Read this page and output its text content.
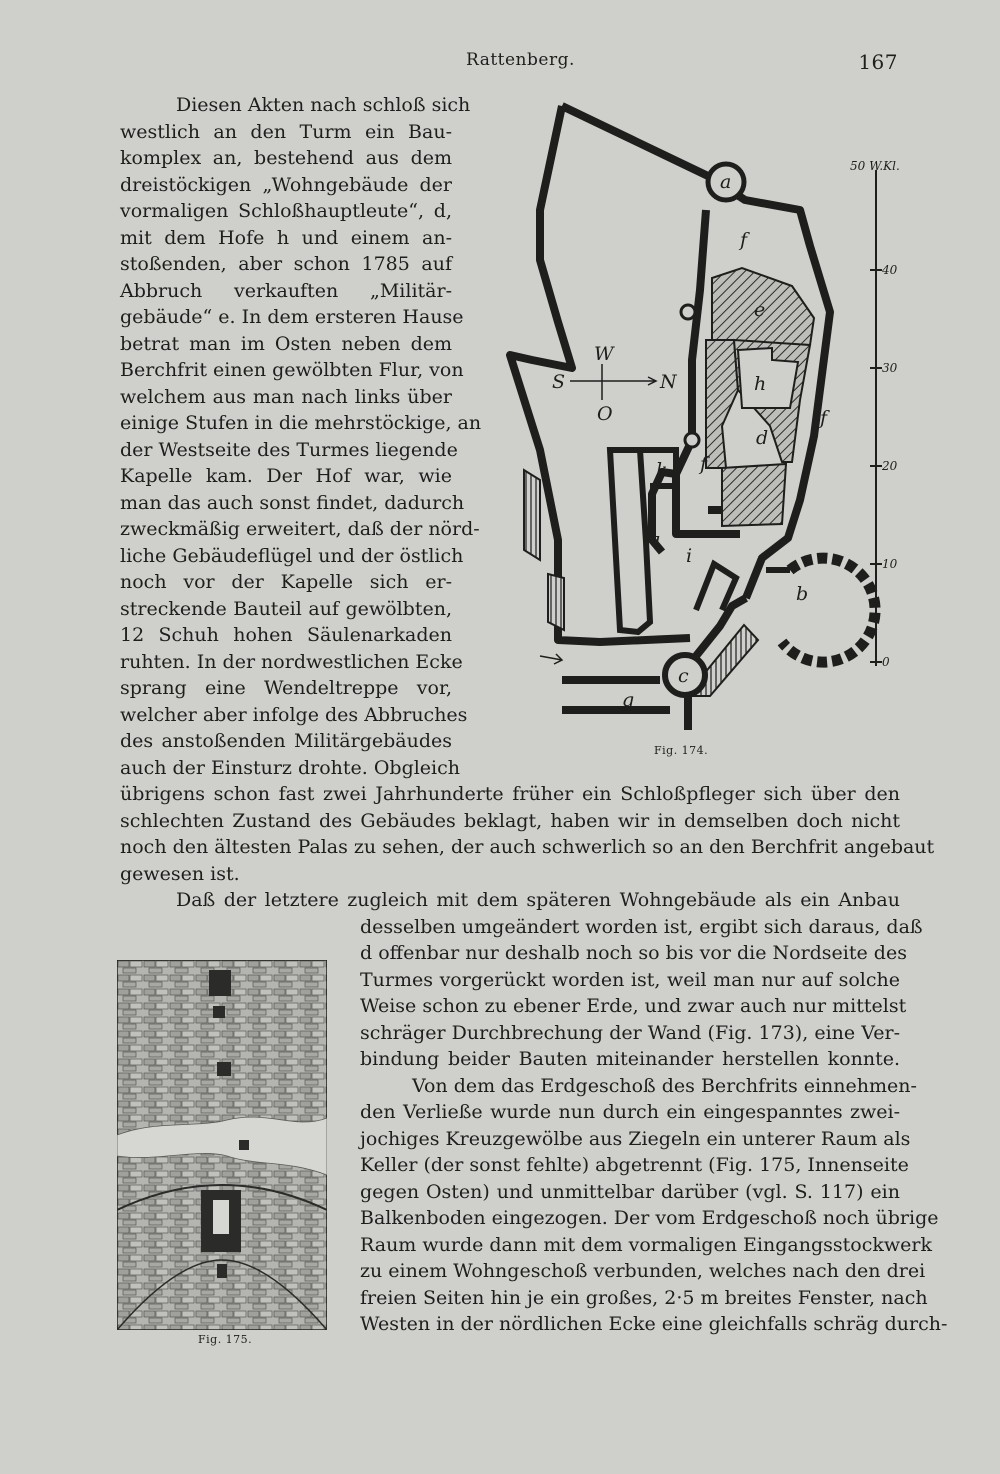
Rattenberg.	167
W
S	N
O
a
b
c
d
e
f
f
f
g
h
i
k
l
50 W.Kl.
40
30
20
10
0
Fig. 174.
Fig. 175.
Diesen Akten nach schloß sich
westlich an den Turm ein Bau-
komplex an, bestehend aus dem
dreistöckigen „Wohngebäude der
vormaligen Schloßhauptleute“, d,
mit dem Hofe h und einem an-
stoßenden, aber schon 1785 auf
Abbruch verkauften „Militär-
gebäude“ e. In dem ersteren Hause
betrat man im Osten neben dem
Berchfrit einen gewölbten Flur, von
welchem aus man nach links über
einige Stufen in die mehrstöckige, an
der Westseite des Turmes liegende
Kapelle kam. Der Hof war, wie
man das auch sonst findet, dadurch
zweckmäßig erweitert, daß der nörd-
liche Gebäudeflügel und der östlich
noch vor der Kapelle sich er-
streckende Bauteil auf gewölbten,
12 Schuh hohen Säulenarkaden
ruhten. In der nordwestlichen Ecke
sprang eine Wendeltreppe vor,
welcher aber infolge des Abbruches
des anstoßenden Militärgebäudes
auch der Einsturz drohte. Obgleich
übrigens schon fast zwei Jahrhunderte früher ein Schloßpfleger sich über den
schlechten Zustand des Gebäudes beklagt, haben wir in demselben doch nicht
noch den ältesten Palas zu sehen, der auch schwerlich so an den Berchfrit angebaut
gewesen ist.
Daß der letztere zugleich mit dem späteren Wohngebäude als ein Anbau
desselben umgeändert worden ist, ergibt sich daraus, daß
d offenbar nur deshalb noch so bis vor die Nordseite des
Turmes vorgerückt worden ist, weil man nur auf solche
Weise schon zu ebener Erde, und zwar auch nur mittelst
schräger Durchbrechung der Wand (Fig. 173), eine Ver-
bindung beider Bauten miteinander herstellen konnte.
Von dem das Erdgeschoß des Berchfrits einnehmen-
den Verließe wurde nun durch ein eingespanntes zwei-
jochiges Kreuzgewölbe aus Ziegeln ein unterer Raum als
Keller (der sonst fehlte) abgetrennt (Fig. 175, Innenseite
gegen Osten) und unmittelbar darüber (vgl. S. 117) ein
Balkenboden eingezogen. Der vom Erdgeschoß noch übrige
Raum wurde dann mit dem vormaligen Eingangsstockwerk
zu einem Wohngeschoß verbunden, welches nach den drei
freien Seiten hin je ein großes, 2·5 m breites Fenster, nach
Westen in der nördlichen Ecke eine gleichfalls schräg durch-
